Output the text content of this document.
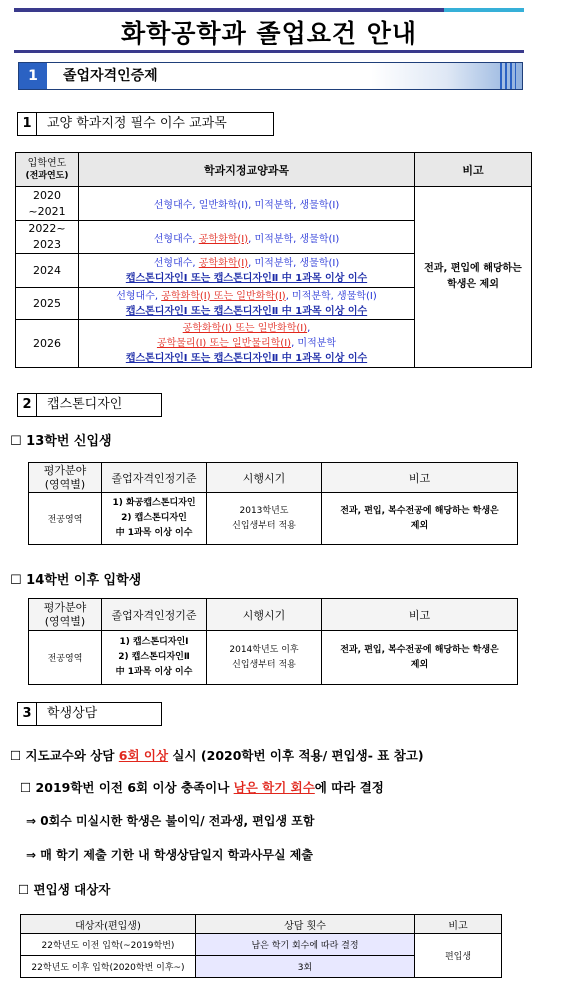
화학공학과 졸업요건 안내
1	졸업자격인증제
1 교양 학과지정 필수 이수 교과목
입학연도
(전과연도)	학과지정교양과목	비고
2020
~2021	선형대수, 일반화학(Ⅰ), 미적분학, 생물학(Ⅰ)	전과, 편입에 해당하는
학생은 제외
2022~
2023	선형대수, 공학화학(Ⅰ), 미적분학, 생물학(Ⅰ)	
2024	선형대수, 공학화학(Ⅰ), 미적분학, 생물학(Ⅰ)
캡스톤디자인Ⅰ 또는 캡스톤디자인Ⅱ 中 1과목 이상 이수	

2025	선형대수, 공학화학(Ⅰ) 또는 일반화학(Ⅰ), 미적분학, 생물학(Ⅰ)
캡스톤디자인Ⅰ 또는 캡스톤디자인Ⅱ 中 1과목 이상 이수	

2026	공학화학(Ⅰ) 또는 일반화학(Ⅰ),
공학물리(Ⅰ) 또는 일반물리학(Ⅰ), 미적분학
캡스톤디자인Ⅰ 또는 캡스톤디자인Ⅱ 中 1과목 이상 이수	
2 캡스톤디자인
☐ 13학번 신입생
평가분야
(영역별)	졸업자격인정기준	시행시기	비고
전공영역	1) 화공캡스톤디자인
2) 캡스톤디자인
中 1과목 이상 이수	2013학년도
신입생부터 적용	전과, 편입, 복수전공에 해당하는 학생은
제외
☐ 14학번 이후 입학생
평가분야
(영역별)	졸업자격인정기준	시행시기	비고
전공영역	1) 캡스톤디자인Ⅰ
2) 캡스톤디자인Ⅱ
中 1과목 이상 이수	2014학년도 이후
신입생부터 적용	전과, 편입, 복수전공에 해당하는 학생은
제외
3 학생상담
☐ 지도교수와 상담 6회 이상 실시 (2020학번 이후 적용/ 편입생- 표 참고)
☐ 2019학번 이전 6회 이상 충족이나 남은 학기 회수에 따라 결정
⇒ 0회수 미실시한 학생은 불이익/ 전과생, 편입생 포함
⇒ 매 학기 제출 기한 내 학생상담일지 학과사무실 제출
☐ 편입생 대상자
대상자(편입생)	상담 횟수	비고
22학년도 이전 입학(~2019학번)	남은 학기 회수에 따라 결정	편입생
22학년도 이후 입학(2020학번 이후~)	3회	
